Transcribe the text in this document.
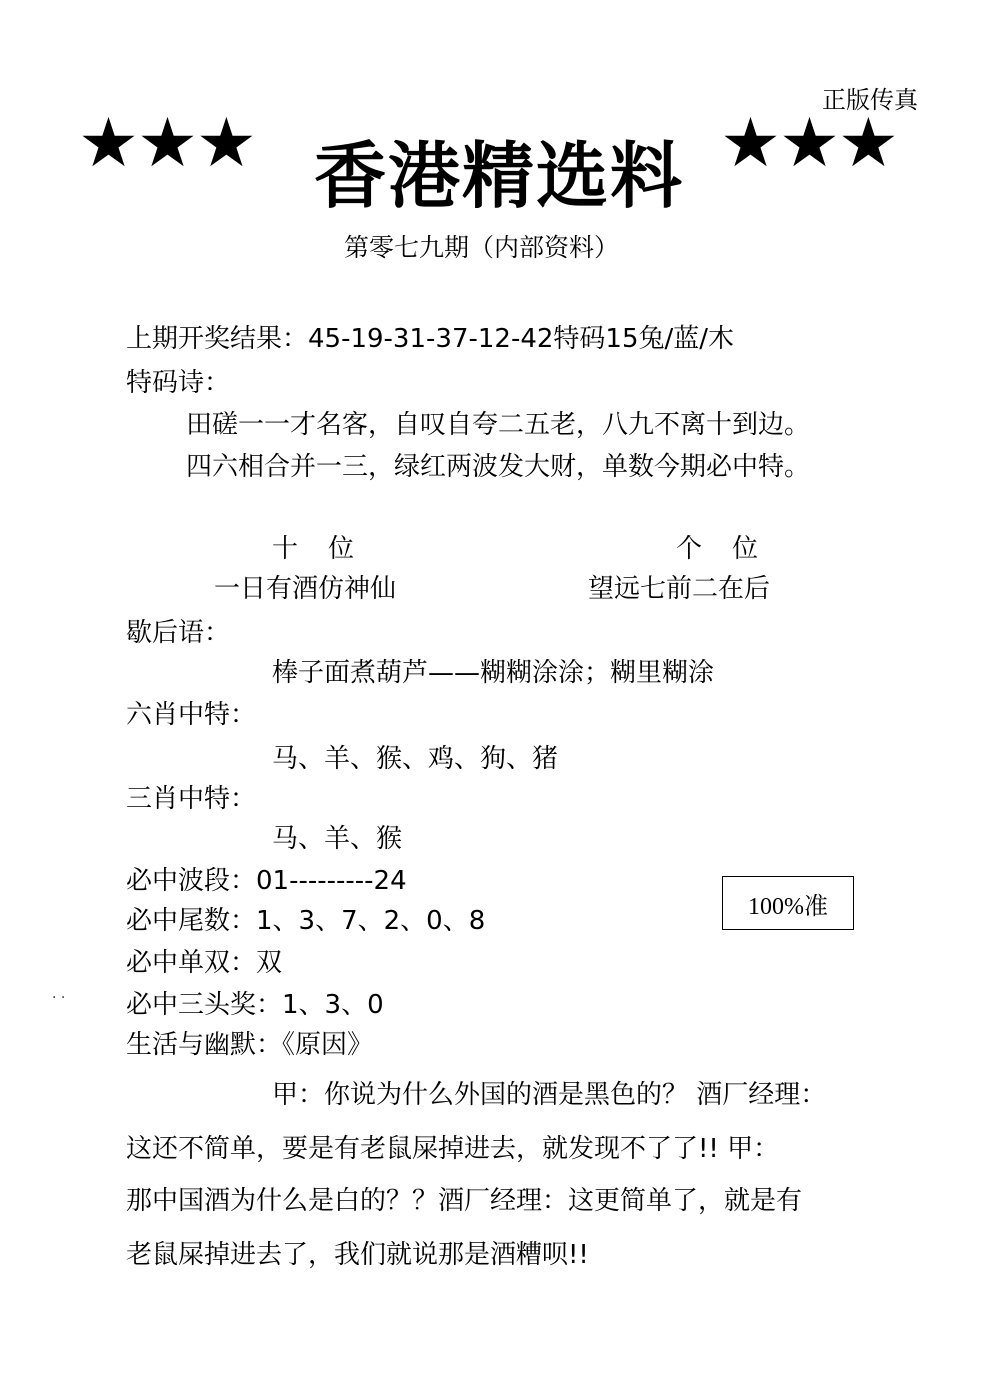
正版传真
★★★ 香港精选料 ★★★
第零七九期（内部资料）
上期开奖结果：45-19-31-37-12-42特码15兔/蓝/木
特码诗：
田磋一一才名客，自叹自夸二五老，八九不离十到边。
四六相合并一三，绿红两波发大财，单数今期必中特。
十位	个位
一日有酒仿神仙	望远七前二在后
歇后语：
棒子面煮葫芦——糊糊涂涂；糊里糊涂
六肖中特：
马、羊、猴、鸡、狗、猪
三肖中特：
马、羊、猴
必中波段：01---------24
必中尾数：1、3、7、2、0、8
必中单双：双
· · 必中三头奖：1、3、0
100%准
生活与幽默：《原因》
甲：你说为什么外国的酒是黑色的？ 酒厂经理：
这还不简单，要是有老鼠屎掉进去，就发现不了了!! 甲：
那中国酒为什么是白的？？酒厂经理：这更简单了，就是有
老鼠屎掉进去了，我们就说那是酒糟呗!!
